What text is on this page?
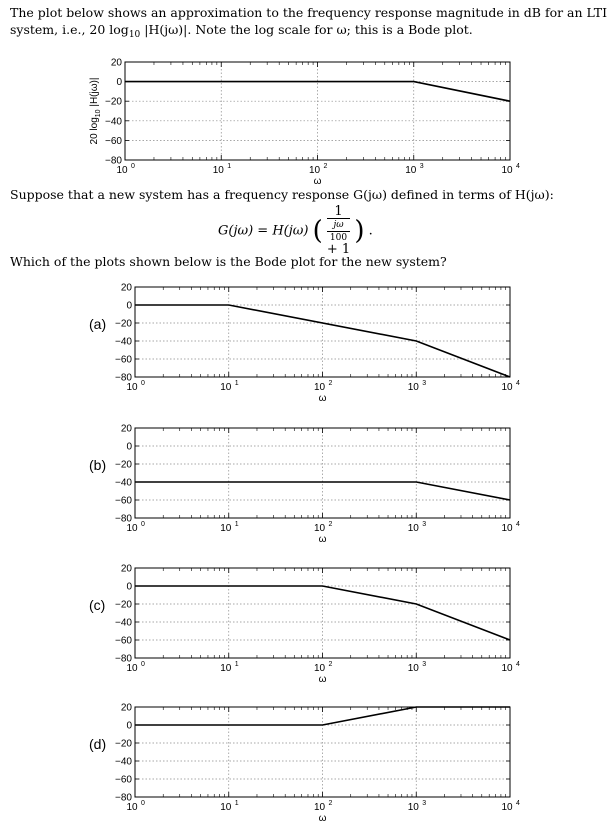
The plot below shows an approximation to the frequency response magnitude in dB for an LTI

system, i.e., 20 $\log_{10} |H(j\omega)|$. Note the log scale for ω; this is a Bode plot.

20
0
−20
−40
−60
−80
10 0	10 1	10 2	10 3	10 4
ω
20 $\log_{10} |H(j\omega)|$

Suppose that a new system has a frequency response G(jω) defined in terms of H(jω):

G(jω) = H(jω) ( 1
jω
100
+ 1 ) .

Which of the plots shown below is the Bode plot for the new system?

20
0
−20
−40
−60
−80
10 0	10 1	10 2	10 3	10 4
ω
(a)
20
0
−20
−40
−60
−80
10 0	10 1	10 2	10 3	10 4
ω
(b)
20
0
−20
−40
−60
−80
10 0	10 1	10 2	10 3	10 4
ω
(c)
20
0
−20
−40
−60
−80
10 0	10 1	10 2	10 3	10 4
ω
(d)
